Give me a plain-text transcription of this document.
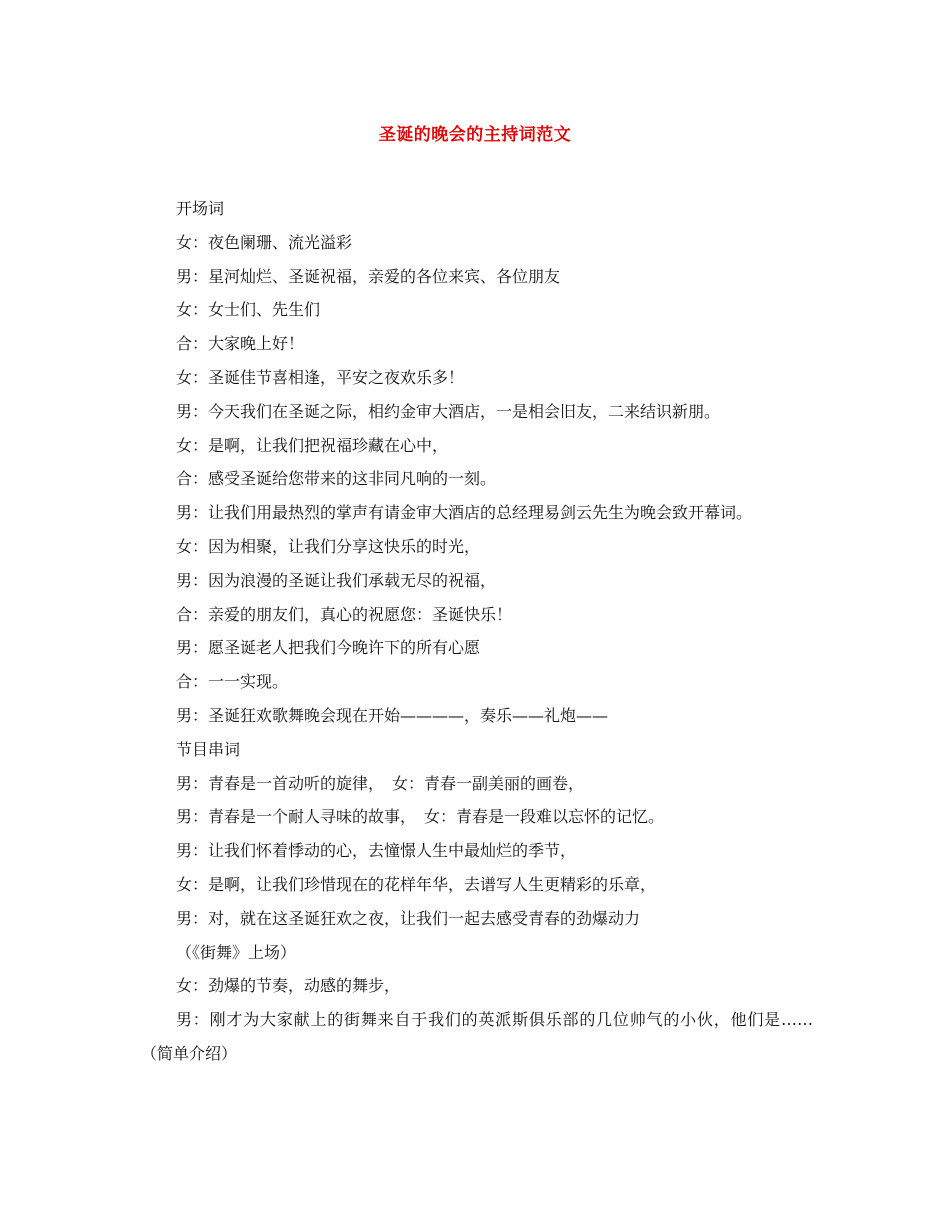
圣诞的晚会的主持词范文

开场词

女：夜色阑珊、流光溢彩

男：星河灿烂、圣诞祝福，亲爱的各位来宾、各位朋友

女：女士们、先生们

合：大家晚上好！

女：圣诞佳节喜相逢，平安之夜欢乐多！

男：今天我们在圣诞之际，相约金审大酒店，一是相会旧友，二来结识新朋。

女：是啊，让我们把祝福珍藏在心中，

合：感受圣诞给您带来的这非同凡响的一刻。

男：让我们用最热烈的掌声有请金审大酒店的总经理易剑云先生为晚会致开幕词。

女：因为相聚，让我们分享这快乐的时光，

男：因为浪漫的圣诞让我们承载无尽的祝福，

合：亲爱的朋友们，真心的祝愿您：圣诞快乐！

男：愿圣诞老人把我们今晚许下的所有心愿

合：一一实现。

男：圣诞狂欢歌舞晚会现在开始————，奏乐——礼炮——

节目串词

男：青春是一首动听的旋律，　女：青春一副美丽的画卷，

男：青春是一个耐人寻味的故事，　女：青春是一段难以忘怀的记忆。

男：让我们怀着悸动的心，去憧憬人生中最灿烂的季节，

女：是啊，让我们珍惜现在的花样年华，去谱写人生更精彩的乐章，

男：对，就在这圣诞狂欢之夜，让我们一起去感受青春的劲爆动力

（《街舞》上场）

女：劲爆的节奏，动感的舞步，

男：刚才为大家献上的街舞来自于我们的英派斯俱乐部的几位帅气的小伙，他们是……（简单介绍）
